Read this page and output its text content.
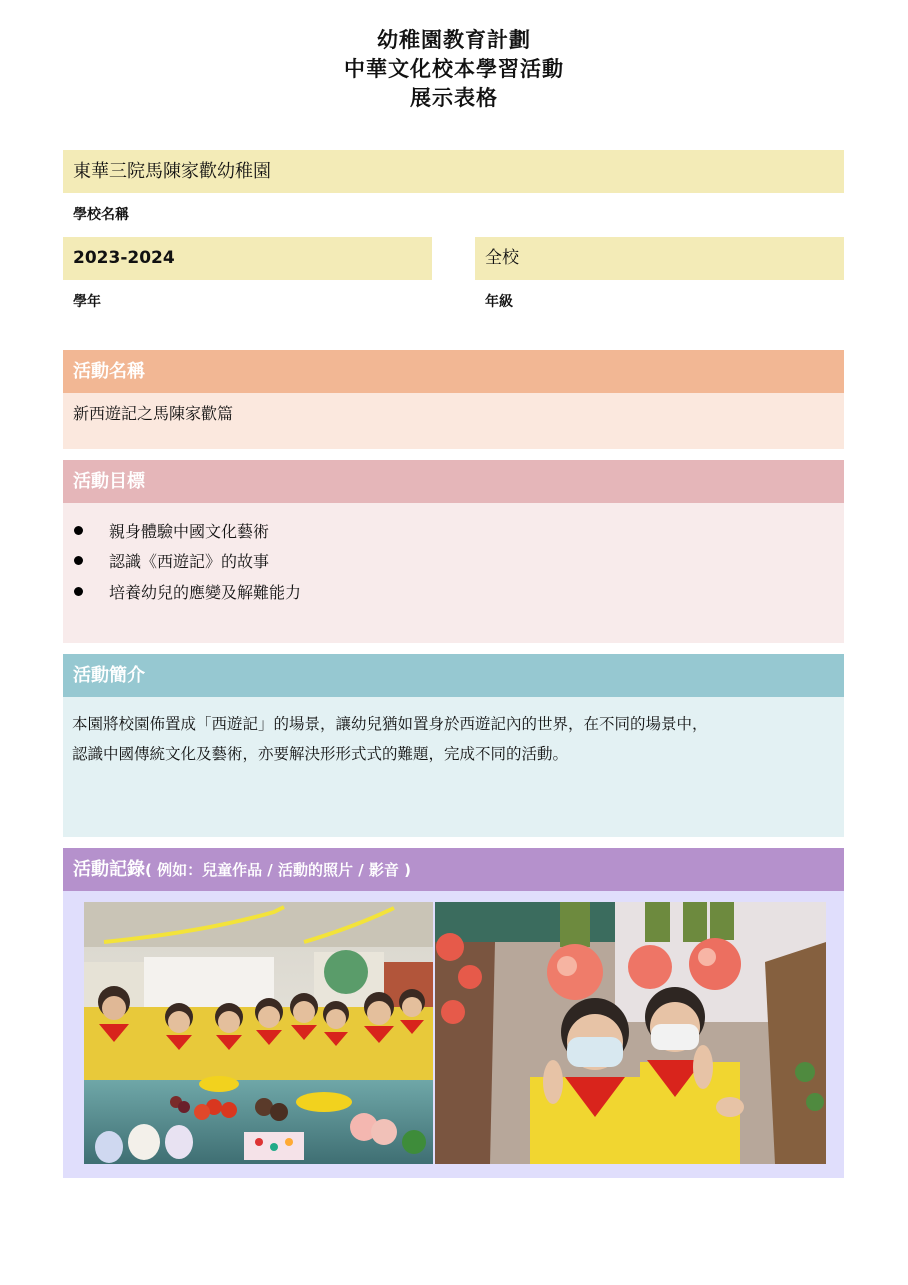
幼稚園教育計劃
中華文化校本學習活動
展示表格
東華三院馬陳家歡幼稚園
學校名稱
2023-2024
學年
全校
年級
活動名稱
新西遊記之馬陳家歡篇
活動目標
親身體驗中國文化藝術
認識《西遊記》的故事
培養幼兒的應變及解難能力
活動簡介
本園將校園佈置成「西遊記」的場景，讓幼兒猶如置身於西遊記內的世界，在不同的場景中，
認識中國傳統文化及藝術，亦要解決形形式式的難題，完成不同的活動。
活動記錄( 例如：兒童作品 / 活動的照片 / 影音 )
